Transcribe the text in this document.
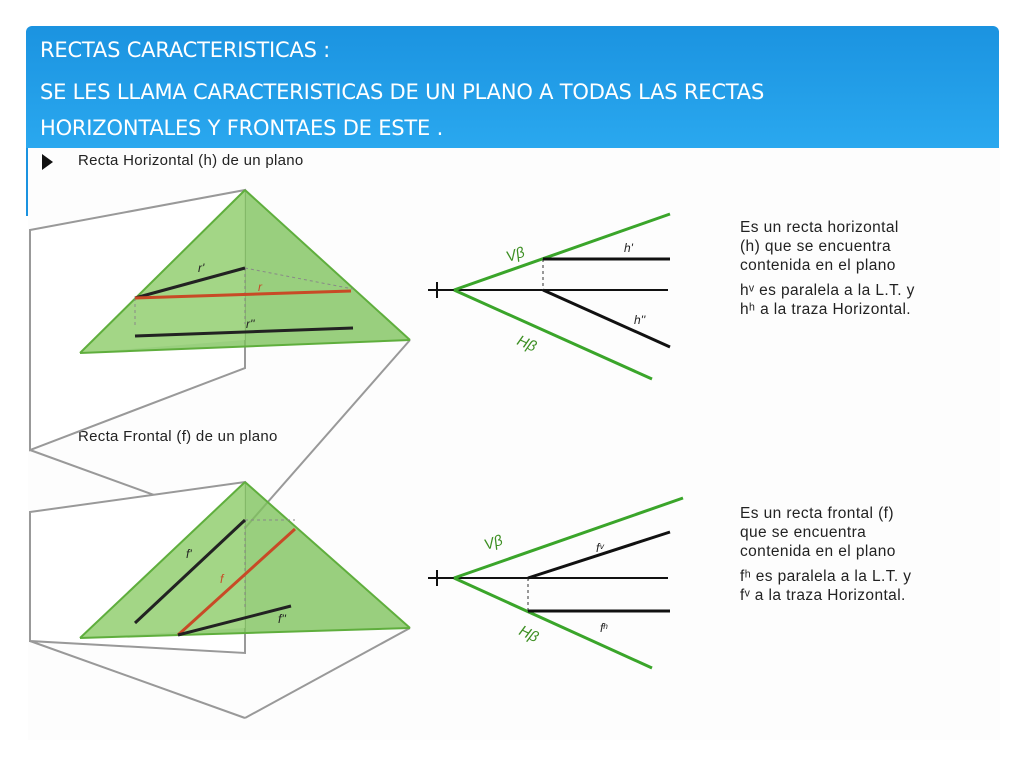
RECTAS CARACTERISTICAS :
SE LES LLAMA CARACTERISTICAS DE UN PLANO A TODAS LAS RECTAS
HORIZONTALES Y FRONTAES DE ESTE .
Recta Horizontal (h) de un plano
Recta Frontal (f) de un plano
r'
r
r''
Vβ
Hβ
h'
h''
f'
f
f''
Vβ
Hβ
fᵛ
fʰ
Es un recta horizontal
(h) que se encuentra
contenida en el plano
hᵛ es paralela a la L.T. y
hʰ a la traza Horizontal.
Es un recta frontal (f)
que se encuentra
contenida en el plano
fʰ es paralela a la L.T. y
fᵛ a la traza Horizontal.
